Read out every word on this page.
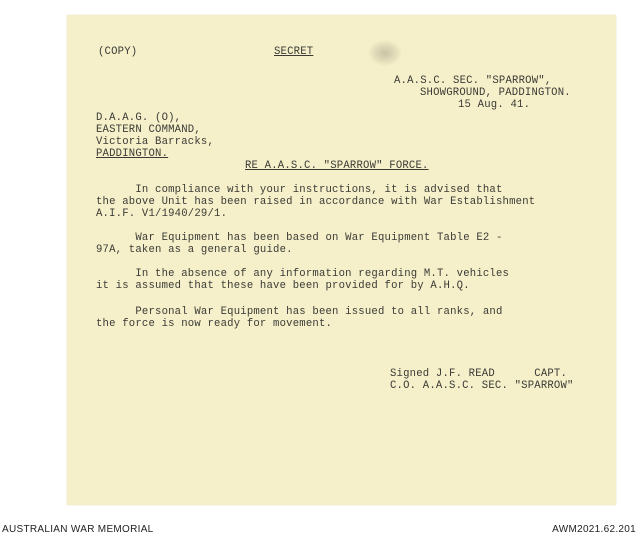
(COPY)	SECRET
A.A.S.C. SEC. "SPARROW",
SHOWGROUND, PADDINGTON.
15 Aug. 41.
D.A.A.G. (O),
EASTERN COMMAND,
Victoria Barracks,
PADDINGTON.
RE A.A.S.C. "SPARROW" FORCE.
In compliance with your instructions, it is advised that
the above Unit has been raised in accordance with War Establishment
A.I.F. V1/1940/29/1.
War Equipment has been based on War Equipment Table E2 -
97A, taken as a general guide.
In the absence of any information regarding M.T. vehicles
it is assumed that these have been provided for by A.H.Q.
Personal War Equipment has been issued to all ranks, and
the force is now ready for movement.
Signed J.F. READ      CAPT.
C.O. A.A.S.C. SEC. "SPARROW"
AUSTRALIAN WAR MEMORIAL	AWM2021.62.201
